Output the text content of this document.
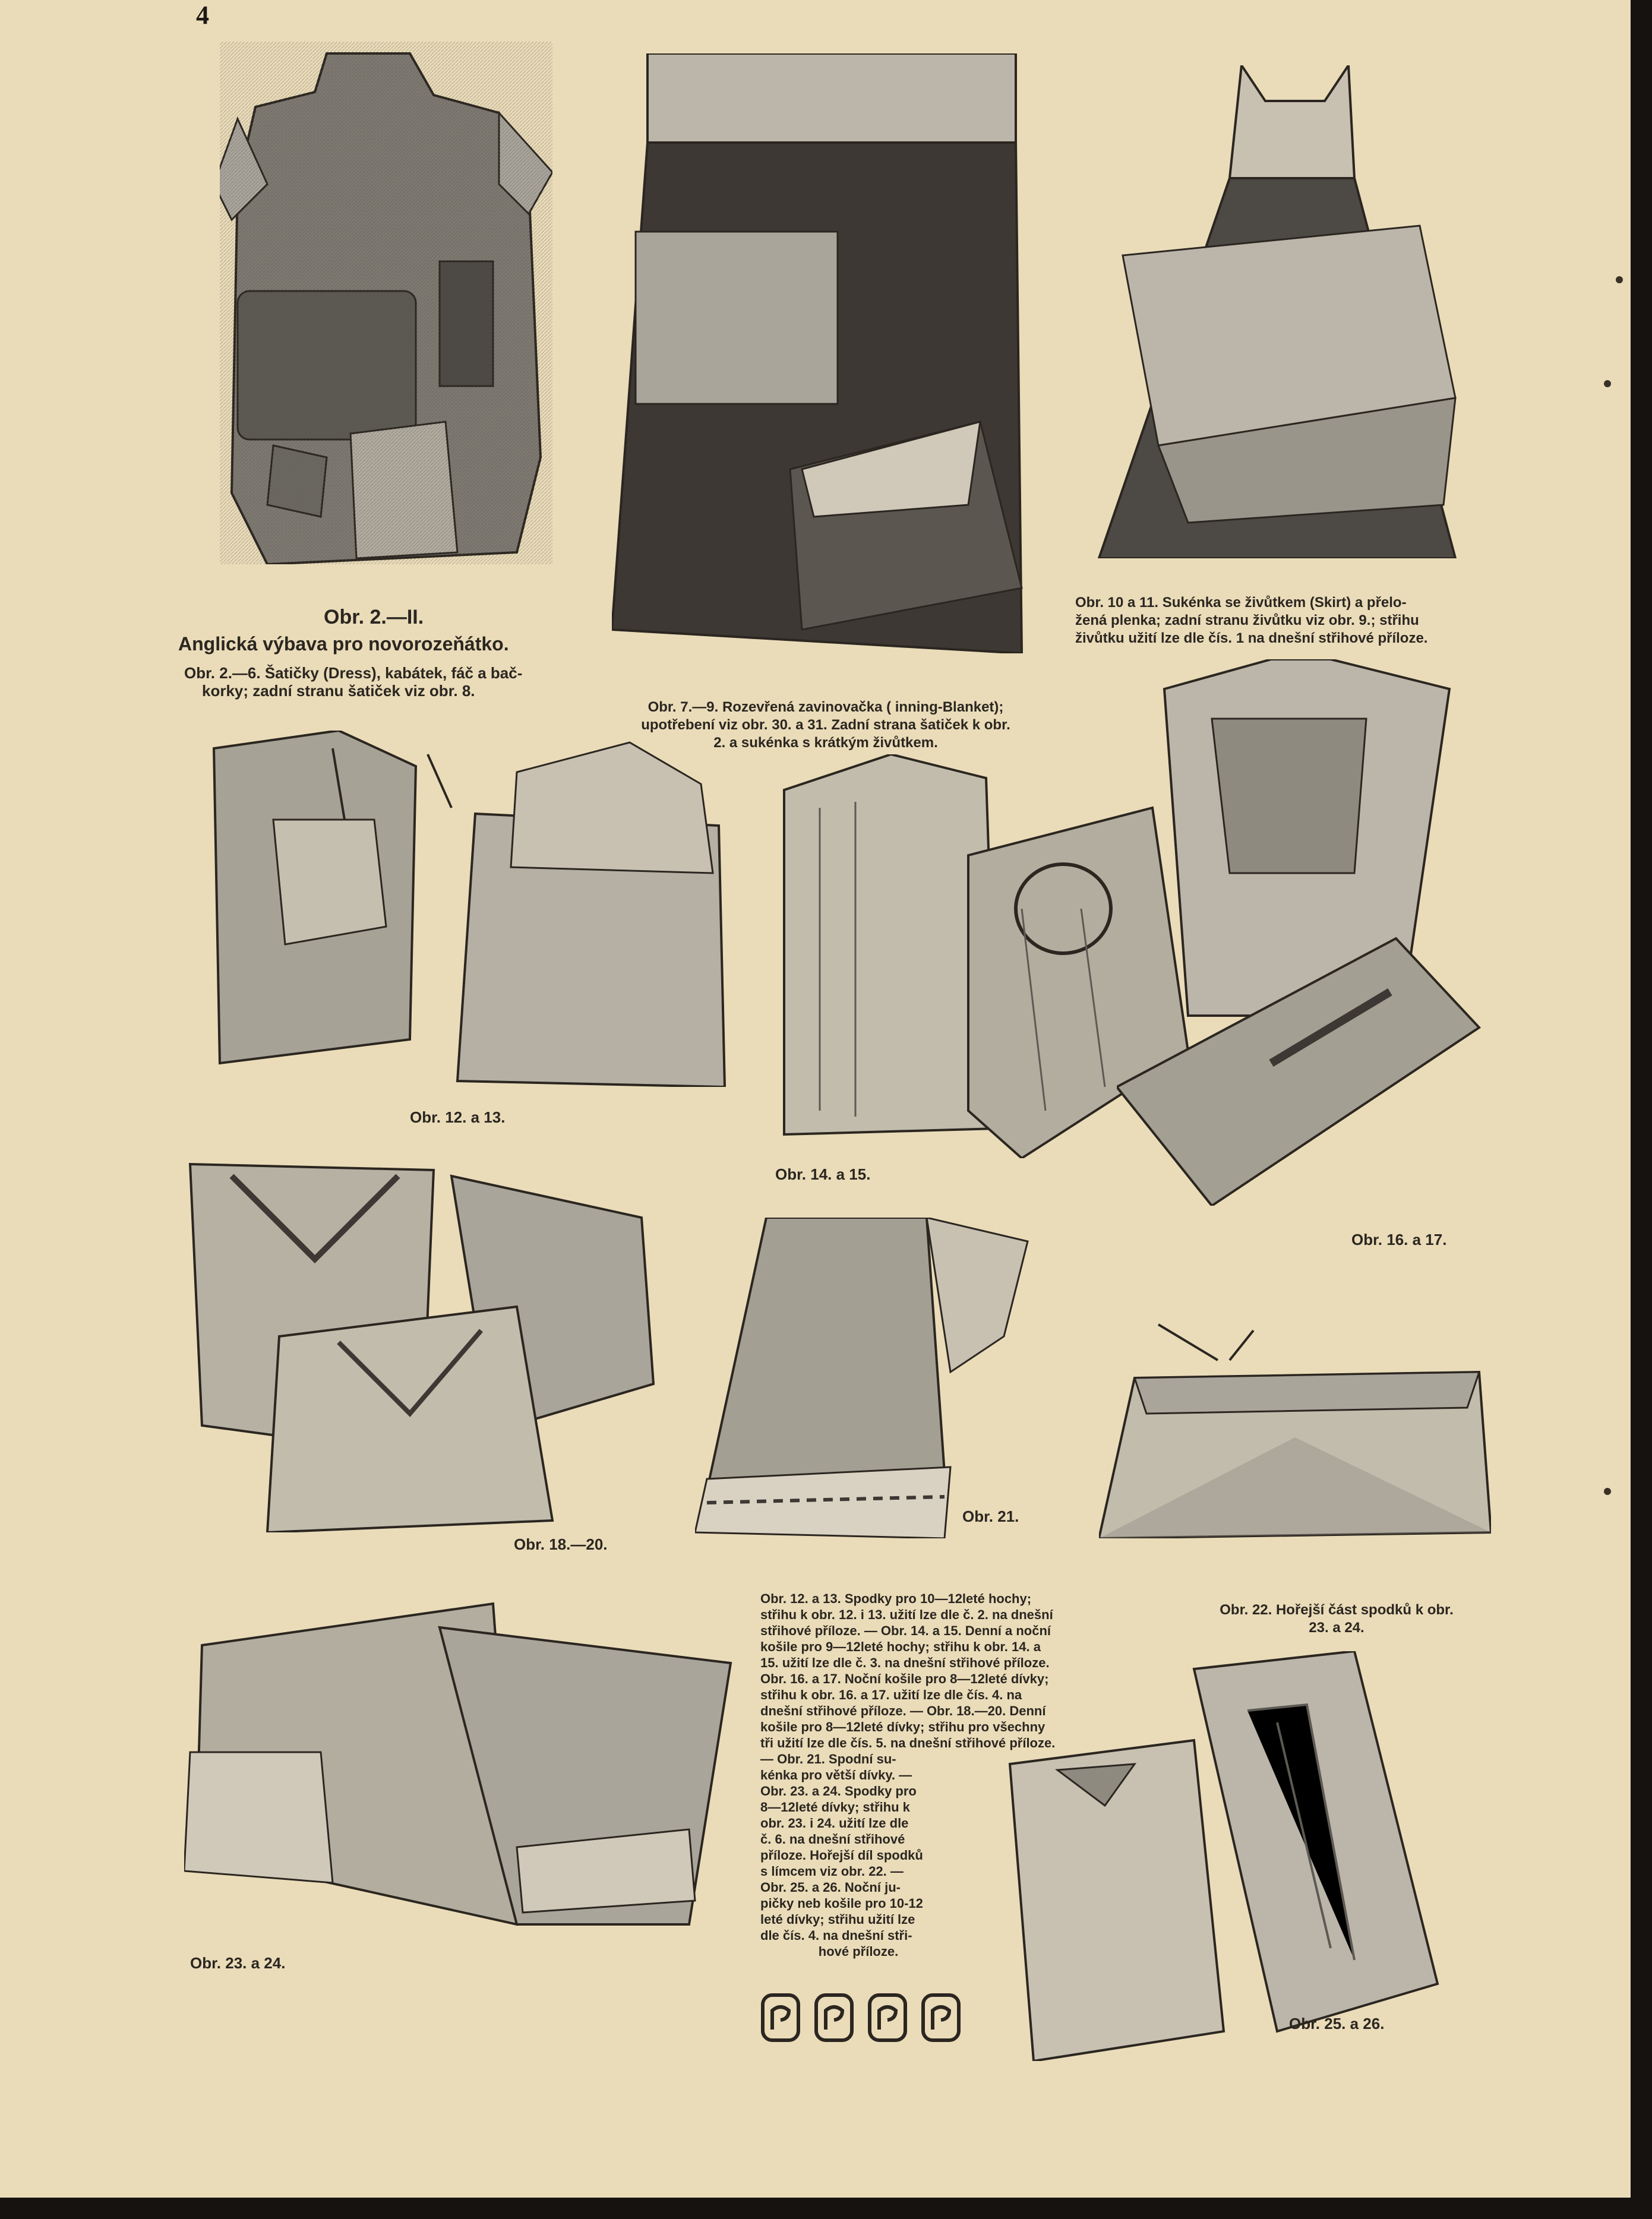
4
Obr. 2.—II.
Anglická výbava pro novorozeňátko.
Obr. 2.—6. Šatičky (Dress), kabátek, fáč a bač-
korky; zadní stranu šatiček viz obr. 8.
Obr. 7.—9. Rozevřená zavinovačka ( inning-Blanket);
upotřebení viz obr. 30. a 31. Zadní strana šatiček k obr.
2. a sukénka s krátkým živůtkem.
Obr. 10 a 11. Sukénka se živůtkem (Skirt) a přelo-
žená plenka; zadní stranu živůtku viz obr. 9.; střihu
živůtku užití lze dle čís. 1 na dnešní střihové příloze.
Obr. 12. a 13.
Obr. 14. a 15.
Obr. 16. a 17.
Obr. 18.—20.
Obr. 21.
Obr. 22. Hořejší část spodků k obr.
23. a 24.
Obr. 23. a 24.
Obr. 12. a 13. Spodky pro 10—12leté hochy;
střihu k obr. 12. i 13. užití lze dle č. 2. na dnešní
střihové příloze. — Obr. 14. a 15. Denní a noční
košile pro 9—12leté hochy; střihu k obr. 14. a
15. užití lze dle č. 3. na dnešní střihové příloze.
Obr. 16. a 17. Noční košile pro 8—12leté dívky;
střihu k obr. 16. a 17. užití lze dle čís. 4. na
dnešní střihové příloze. — Obr. 18.—20. Denní
košile pro 8—12leté dívky; střihu pro všechny
tři užití lze dle čís. 5. na dnešní střihové příloze.
— Obr. 21. Spodní su-
kénka pro větší dívky. —
Obr. 23. a 24. Spodky pro
8—12leté dívky; střihu k
obr. 23. i 24. užití lze dle
č. 6. na dnešní střihové
příloze. Hořejší díl spodků
s límcem viz obr. 22. —
Obr. 25. a 26. Noční ju-
pičky neb košile pro 10-12
leté dívky; střihu užití lze
dle čís. 4. na dnešní stři-
hové příloze.
Obr. 25. a 26.
